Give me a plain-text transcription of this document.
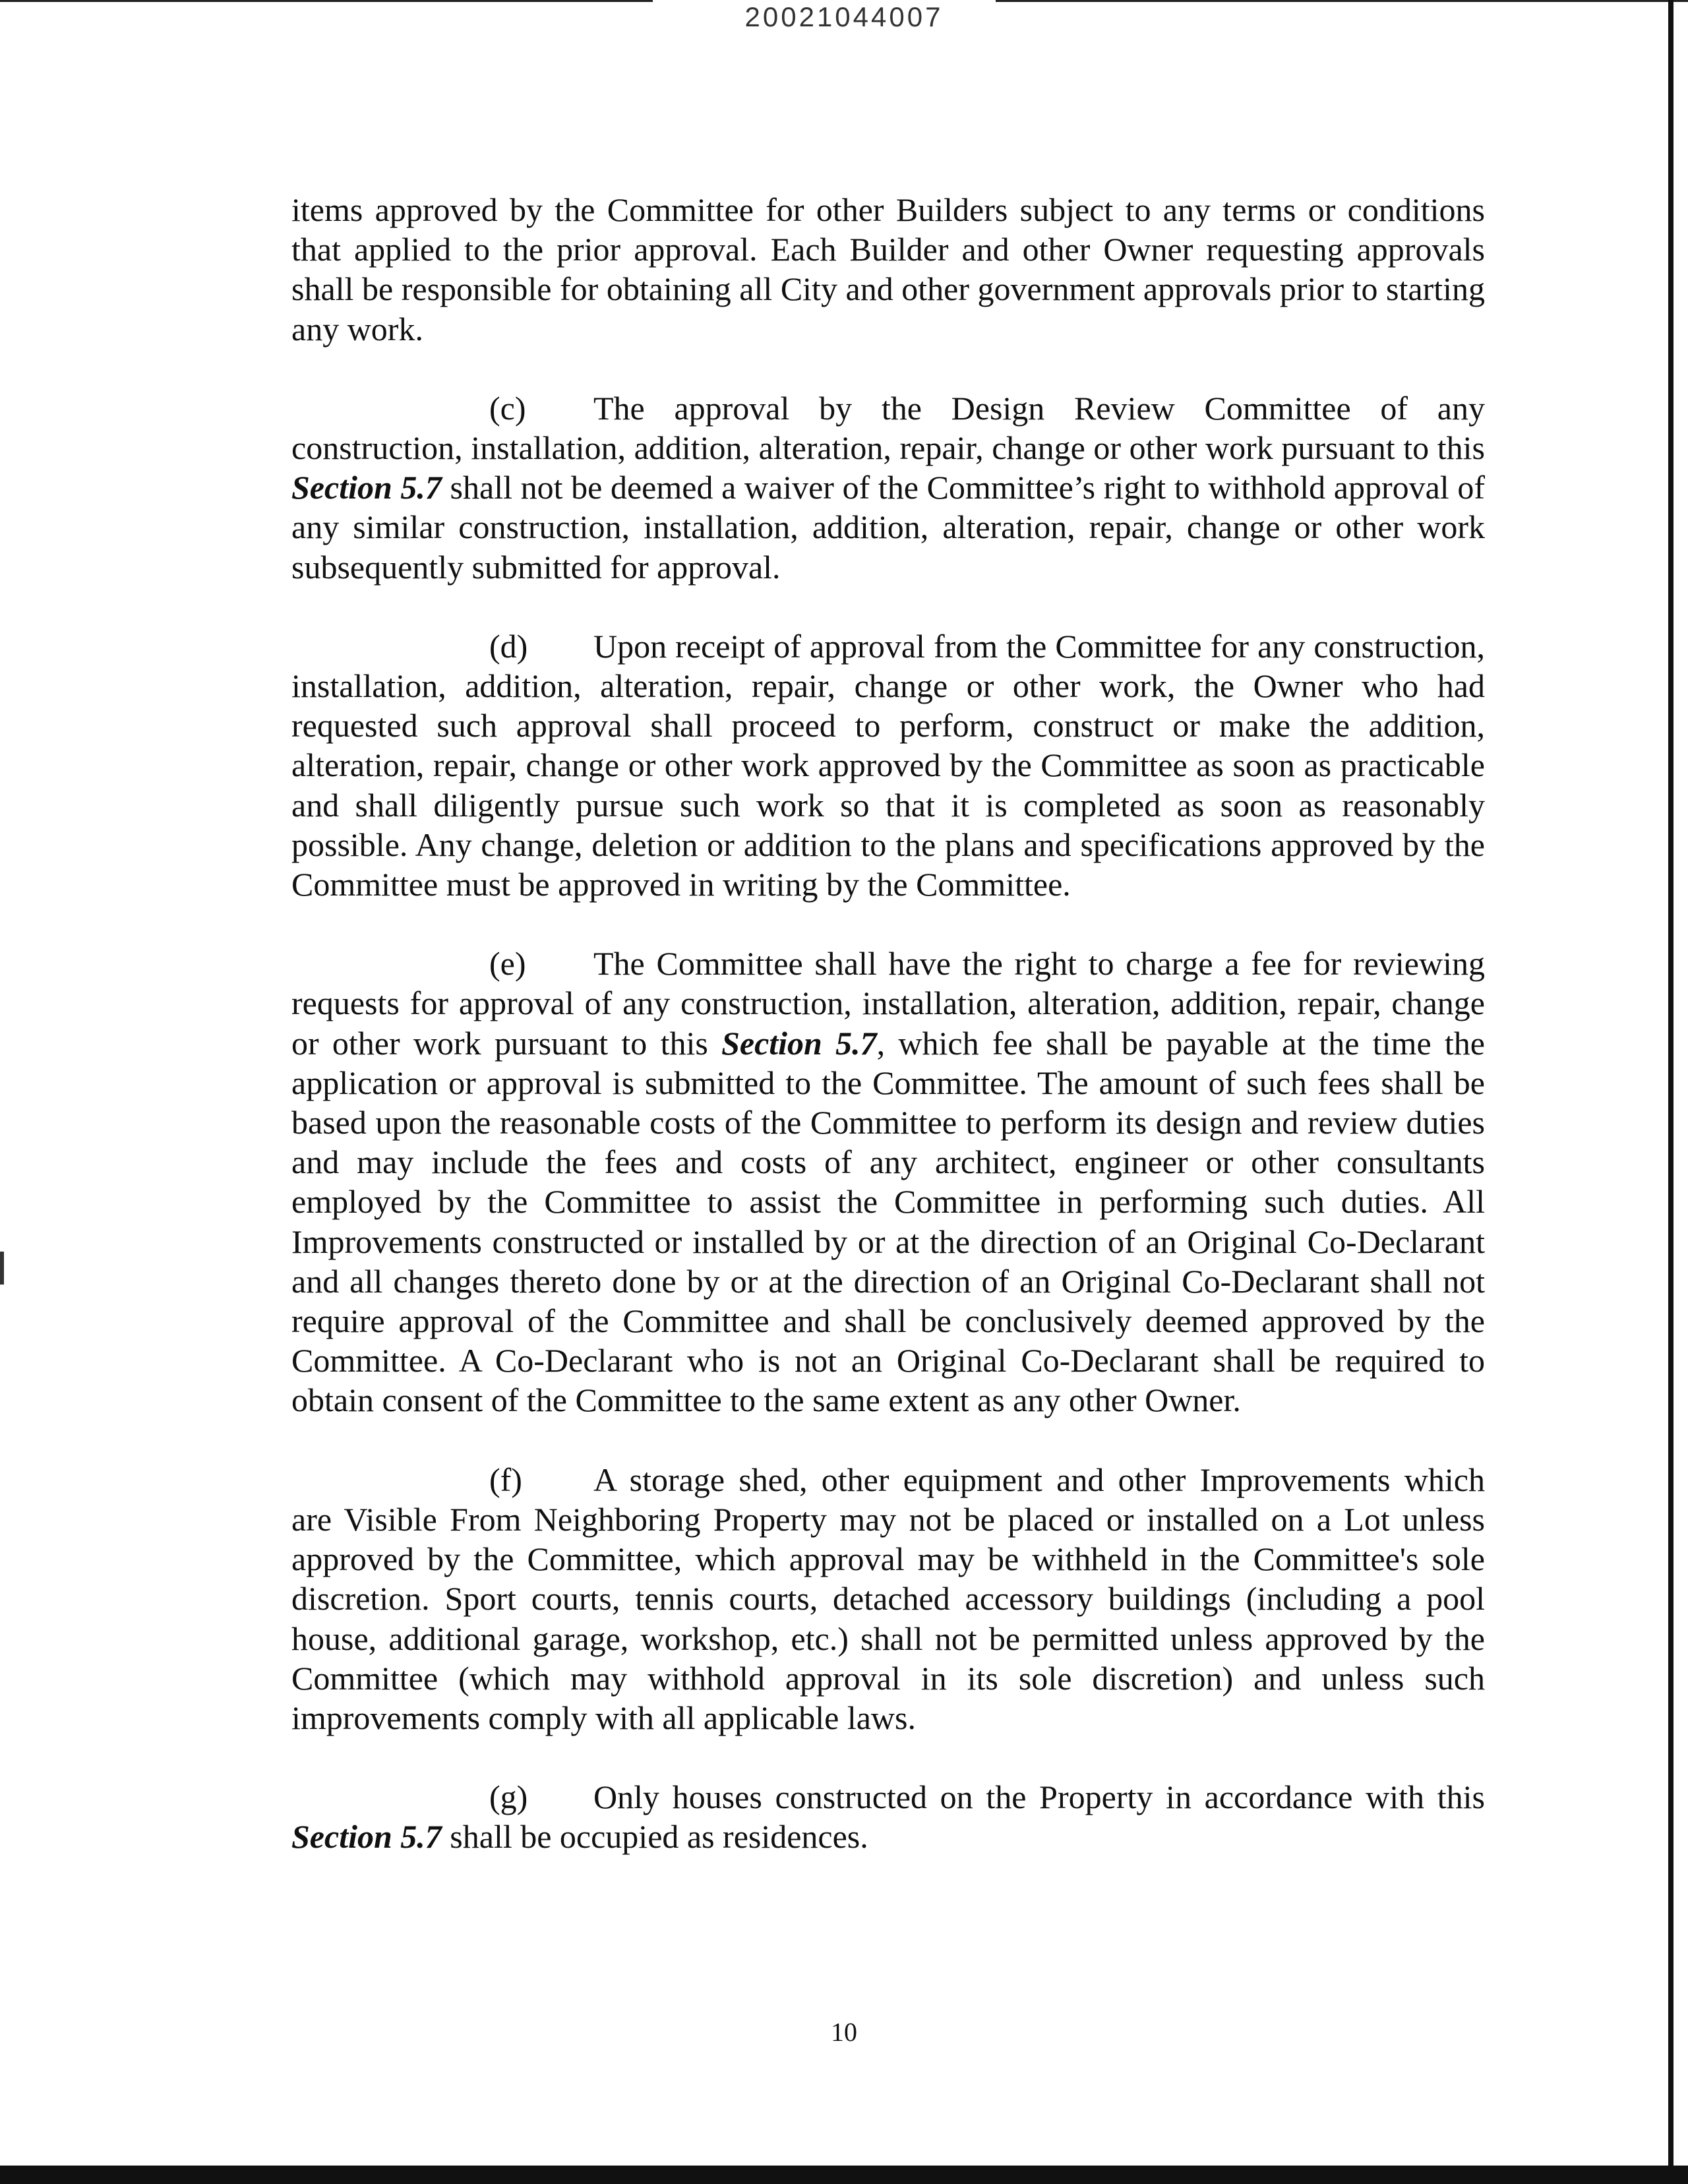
20021044007

items approved by the Committee for other Builders subject to any terms or conditions that applied to the prior approval. Each Builder and other Owner requesting approvals shall be responsible for obtaining all City and other government approvals prior to starting any work.

(c) The approval by the Design Review Committee of any construction, installation, addition, alteration, repair, change or other work pursuant to this Section 5.7 shall not be deemed a waiver of the Committee’s right to withhold approval of any similar construction, installation, addition, alteration, repair, change or other work subsequently submitted for approval.

(d) Upon receipt of approval from the Committee for any construction, installation, addition, alteration, repair, change or other work, the Owner who had requested such approval shall proceed to perform, construct or make the addition, alteration, repair, change or other work approved by the Committee as soon as practicable and shall diligently pursue such work so that it is completed as soon as reasonably possible. Any change, deletion or addition to the plans and specifications approved by the Committee must be approved in writing by the Committee.

(e) The Committee shall have the right to charge a fee for reviewing requests for approval of any construction, installation, alteration, addition, repair, change or other work pursuant to this Section 5.7, which fee shall be payable at the time the application or approval is submitted to the Committee. The amount of such fees shall be based upon the reasonable costs of the Committee to perform its design and review duties and may include the fees and costs of any architect, engineer or other consultants employed by the Committee to assist the Committee in performing such duties. All Improvements constructed or installed by or at the direction of an Original Co-Declarant and all changes thereto done by or at the direction of an Original Co-Declarant shall not require approval of the Committee and shall be conclusively deemed approved by the Committee. A Co-Declarant who is not an Original Co-Declarant shall be required to obtain consent of the Committee to the same extent as any other Owner.

(f) A storage shed, other equipment and other Improvements which are Visible From Neighboring Property may not be placed or installed on a Lot unless approved by the Committee, which approval may be withheld in the Committee's sole discretion. Sport courts, tennis courts, detached accessory buildings (including a pool house, additional garage, workshop, etc.) shall not be permitted unless approved by the Committee (which may withhold approval in its sole discretion) and unless such improvements comply with all applicable laws.

(g) Only houses constructed on the Property in accordance with this Section 5.7 shall be occupied as residences.

10
